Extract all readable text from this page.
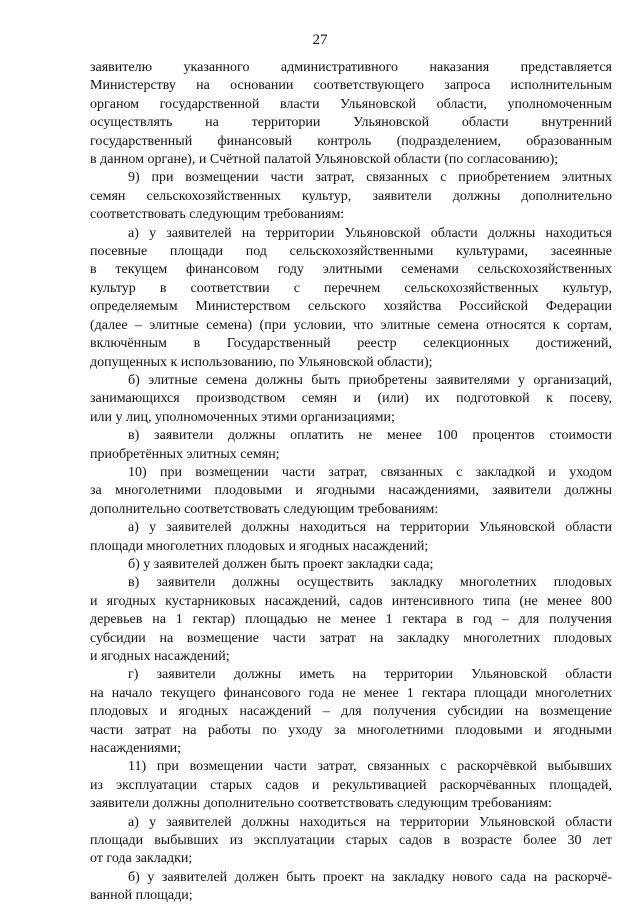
27

заявителю указанного административного наказания представляется
Министерству на основании соответствующего запроса исполнительным
органом государственной власти Ульяновской области, уполномоченным
осуществлять на территории Ульяновской области внутренний
государственный финансовый контроль (подразделением, образованным
в данном органе), и Счётной палатой Ульяновской области (по согласованию);

9) при возмещении части затрат, связанных с приобретением элитных
семян сельскохозяйственных культур, заявители должны дополнительно
соответствовать следующим требованиям:

а) у заявителей на территории Ульяновской области должны находиться
посевные площади под сельскохозяйственными культурами, засеянные
в текущем финансовом году элитными семенами сельскохозяйственных
культур в соответствии с перечнем сельскохозяйственных культур,
определяемым Министерством сельского хозяйства Российской Федерации
(далее – элитные семена) (при условии, что элитные семена относятся к сортам,
включённым в Государственный реестр селекционных достижений,
допущенных к использованию, по Ульяновской области);

б) элитные семена должны быть приобретены заявителями у организаций,
занимающихся производством семян и (или) их подготовкой к посеву,
или у лиц, уполномоченных этими организациями;

в) заявители должны оплатить не менее 100 процентов стоимости
приобретённых элитных семян;

10) при возмещении части затрат, связанных с закладкой и уходом
за многолетними плодовыми и ягодными насаждениями, заявители должны
дополнительно соответствовать следующим требованиям:

а) у заявителей должны находиться на территории Ульяновской области
площади многолетних плодовых и ягодных насаждений;

б) у заявителей должен быть проект закладки сада;

в) заявители должны осуществить закладку многолетних плодовых
и ягодных кустарниковых насаждений, садов интенсивного типа (не менее 800
деревьев на 1 гектар) площадью не менее 1 гектара в год – для получения
субсидии на возмещение части затрат на закладку многолетних плодовых
и ягодных насаждений;

г) заявители должны иметь на территории Ульяновской области
на начало текущего финансового года не менее 1 гектара площади многолетних
плодовых и ягодных насаждений – для получения субсидии на возмещение
части затрат на работы по уходу за многолетними плодовыми и ягодными
насаждениями;

11) при возмещении части затрат, связанных с раскорчёвкой выбывших
из эксплуатации старых садов и рекультивацией раскорчёванных площадей,
заявители должны дополнительно соответствовать следующим требованиям:

а) у заявителей должны находиться на территории Ульяновской области
площади выбывших из эксплуатации старых садов в возрасте более 30 лет
от года закладки;

б) у заявителей должен быть проект на закладку нового сада на раскорчё-
ванной площади;
